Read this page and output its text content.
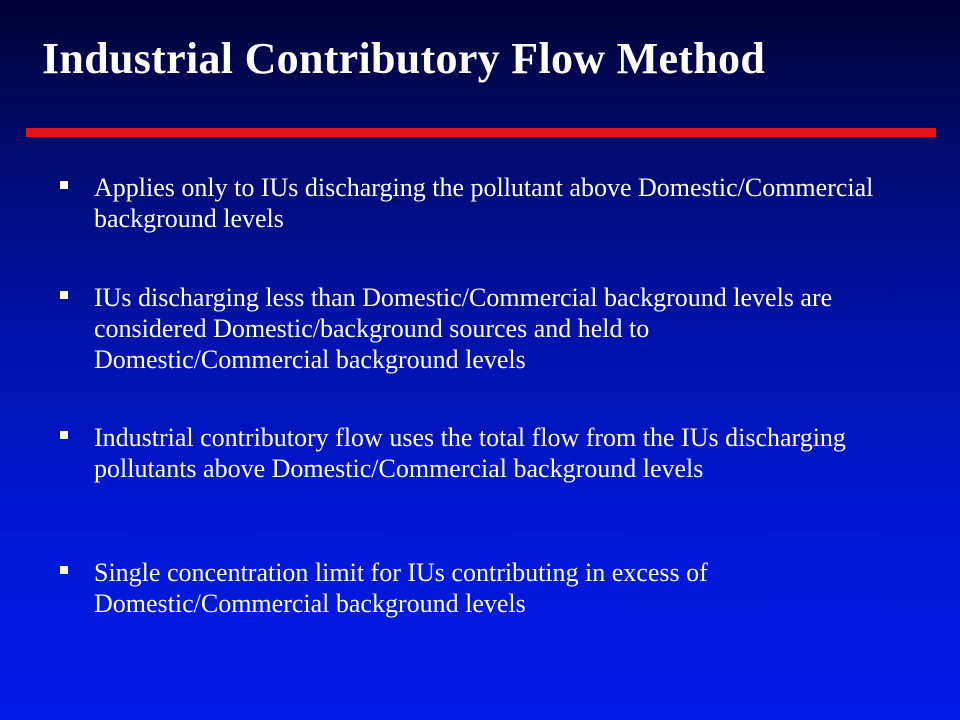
Industrial Contributory Flow Method
Applies only to IUs discharging the pollutant above Domestic/Commercial background levels
IUs discharging less than Domestic/Commercial background levels are considered Domestic/background sources and held to Domestic/Commercial background levels
Industrial contributory flow uses the total flow from the IUs discharging pollutants above Domestic/Commercial background levels
Single concentration limit for IUs contributing in excess of Domestic/Commercial background levels
